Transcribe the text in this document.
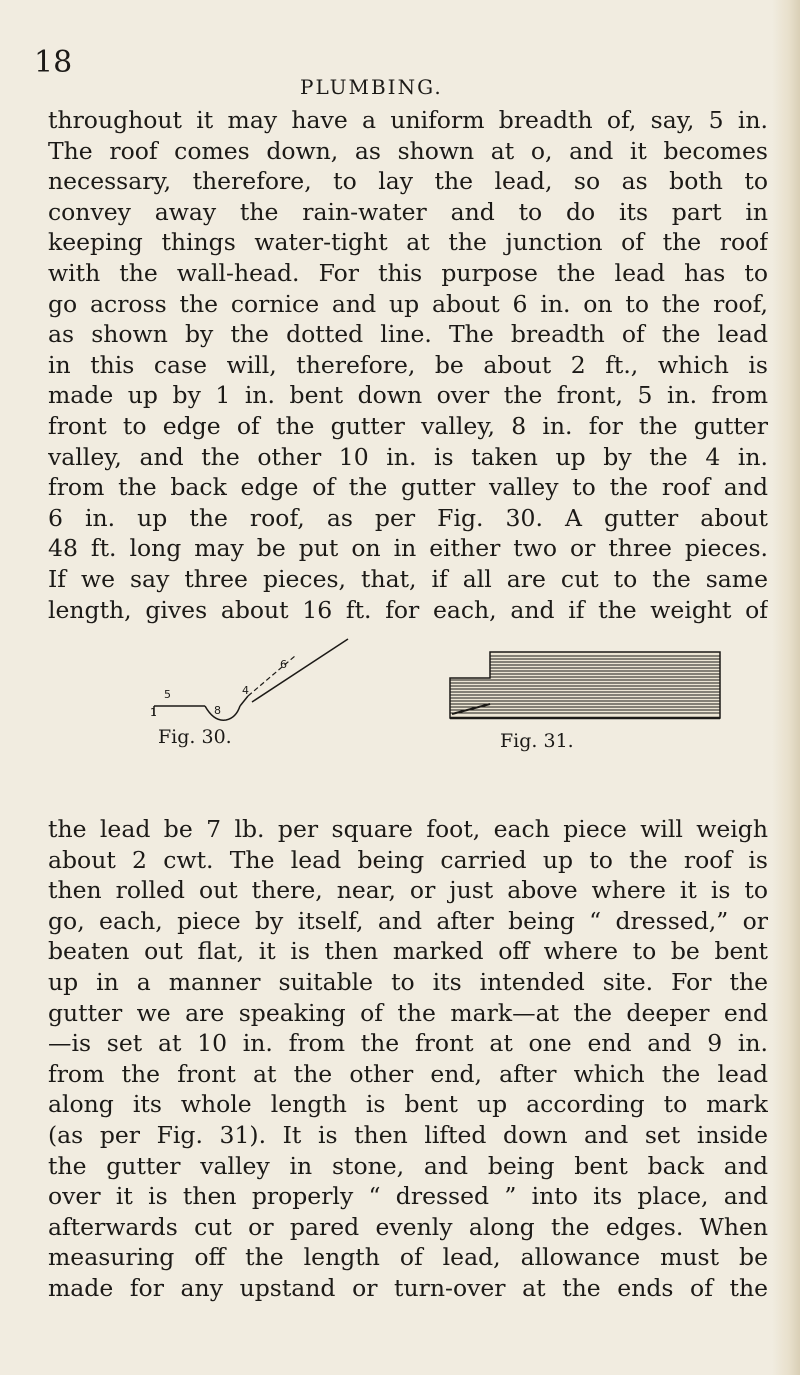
18
PLUMBING.
throughout it may have a uniform breadth of, say, 5 in.
The roof comes down, as shown at o, and it becomes
necessary, therefore, to lay the lead, so as both to
convey away the rain-water and to do its part in
keeping things water-tight at the junction of the roof
with the wall-head. For this purpose the lead has to
go across the cornice and up about 6 in. on to the roof,
as shown by the dotted line. The breadth of the lead
in this case will, therefore, be about 2 ft., which is
made up by 1 in. bent down over the front, 5 in. from
front to edge of the gutter valley, 8 in. for the gutter
valley, and the other 10 in. is taken up by the 4 in.
from the back edge of the gutter valley to the roof and
6 in. up the roof, as per Fig. 30. A gutter about
48 ft. long may be put on in either two or three pieces.
If we say three pieces, that, if all are cut to the same
length, gives about 16 ft. for each, and if the weight of
1
5
8
4
6
Fig. 30.	Fig. 31.
the lead be 7 lb. per square foot, each piece will weigh
about 2 cwt. The lead being carried up to the roof is
then rolled out there, near, or just above where it is to
go, each, piece by itself, and after being “ dressed,” or
beaten out flat, it is then marked off where to be bent
up in a manner suitable to its intended site. For the
gutter we are speaking of the mark—at the deeper end
—is set at 10 in. from the front at one end and 9 in.
from the front at the other end, after which the lead
along its whole length is bent up according to mark
(as per Fig. 31). It is then lifted down and set inside
the gutter valley in stone, and being bent back and
over it is then properly “ dressed ” into its place, and
afterwards cut or pared evenly along the edges. When
measuring off the length of lead, allowance must be
made for any upstand or turn-over at the ends of the
